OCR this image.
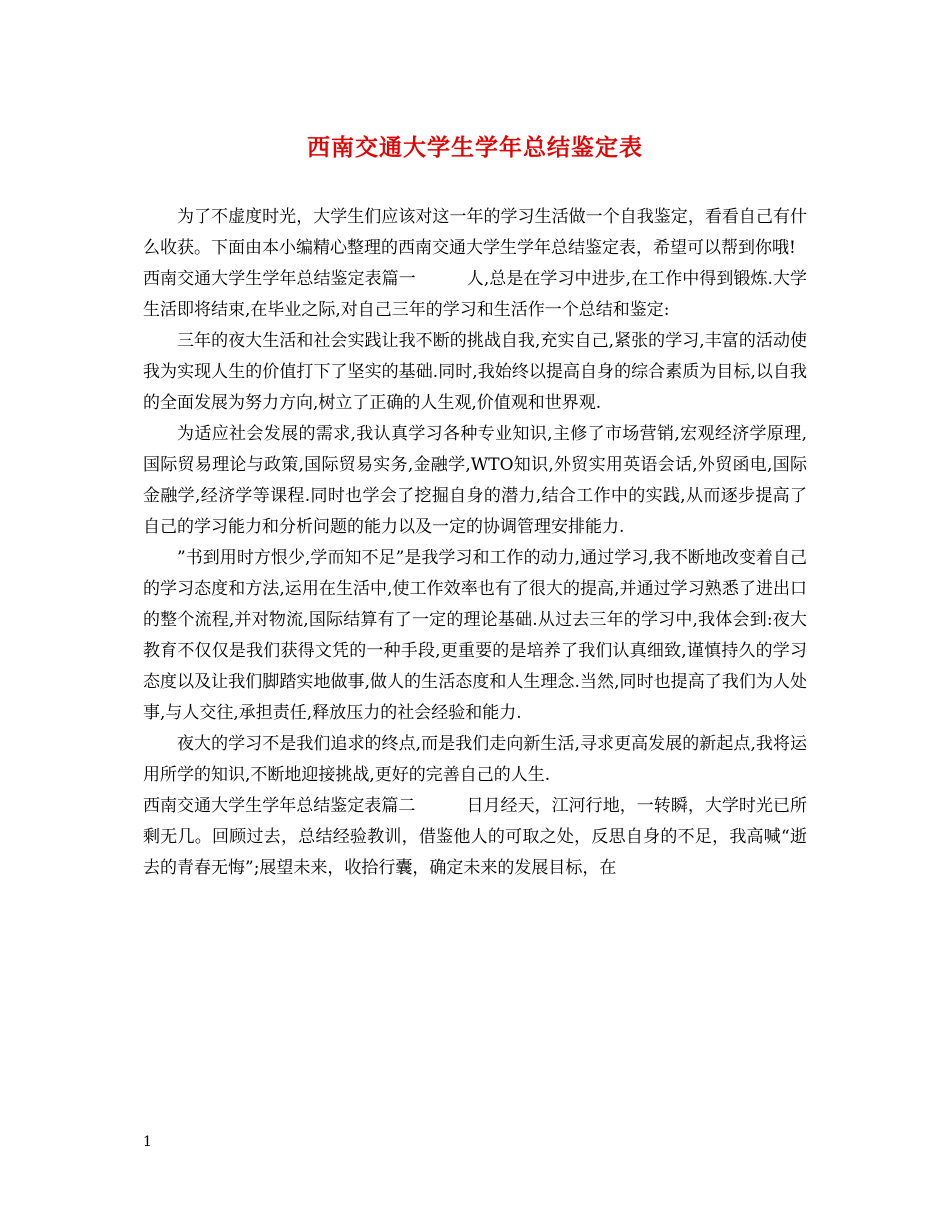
西南交通大学生学年总结鉴定表

为了不虚度时光，大学生们应该对这一年的学习生活做一个自我鉴定，看看自己有什么收获。下面由本小编精心整理的西南交通大学生学年总结鉴定表，希望可以帮到你哦!

西南交通大学生学年总结鉴定表篇一	人,总是在学习中进步,在工作中得到锻炼.大学生活即将结束,在毕业之际,对自己三年的学习和生活作一个总结和鉴定:

三年的夜大生活和社会实践让我不断的挑战自我,充实自己,紧张的学习,丰富的活动使我为实现人生的价值打下了坚实的基础.同时,我始终以提高自身的综合素质为目标,以自我的全面发展为努力方向,树立了正确的人生观,价值观和世界观.

为适应社会发展的需求,我认真学习各种专业知识,主修了市场营销,宏观经济学原理,国际贸易理论与政策,国际贸易实务,金融学,WTO知识,外贸实用英语会话,外贸函电,国际金融学,经济学等课程.同时也学会了挖掘自身的潜力,结合工作中的实践,从而逐步提高了自己的学习能力和分析问题的能力以及一定的协调管理安排能力.

”书到用时方恨少,学而知不足”是我学习和工作的动力,通过学习,我不断地改变着自己的学习态度和方法,运用在生活中,使工作效率也有了很大的提高,并通过学习熟悉了进出口的整个流程,并对物流,国际结算有了一定的理论基础.从过去三年的学习中,我体会到:夜大教育不仅仅是我们获得文凭的一种手段,更重要的是培养了我们认真细致,谨慎持久的学习态度以及让我们脚踏实地做事,做人的生活态度和人生理念.当然,同时也提高了我们为人处事,与人交往,承担责任,释放压力的社会经验和能力.

夜大的学习不是我们追求的终点,而是我们走向新生活,寻求更高发展的新起点,我将运用所学的知识,不断地迎接挑战,更好的完善自己的人生.

西南交通大学生学年总结鉴定表篇二	日月经天，江河行地，一转瞬，大学时光已所剩无几。回顾过去，总结经验教训，借鉴他人的可取之处，反思自身的不足，我高喊“逝去的青春无悔”;展望未来，收拾行囊，确定未来的发展目标，在

1
